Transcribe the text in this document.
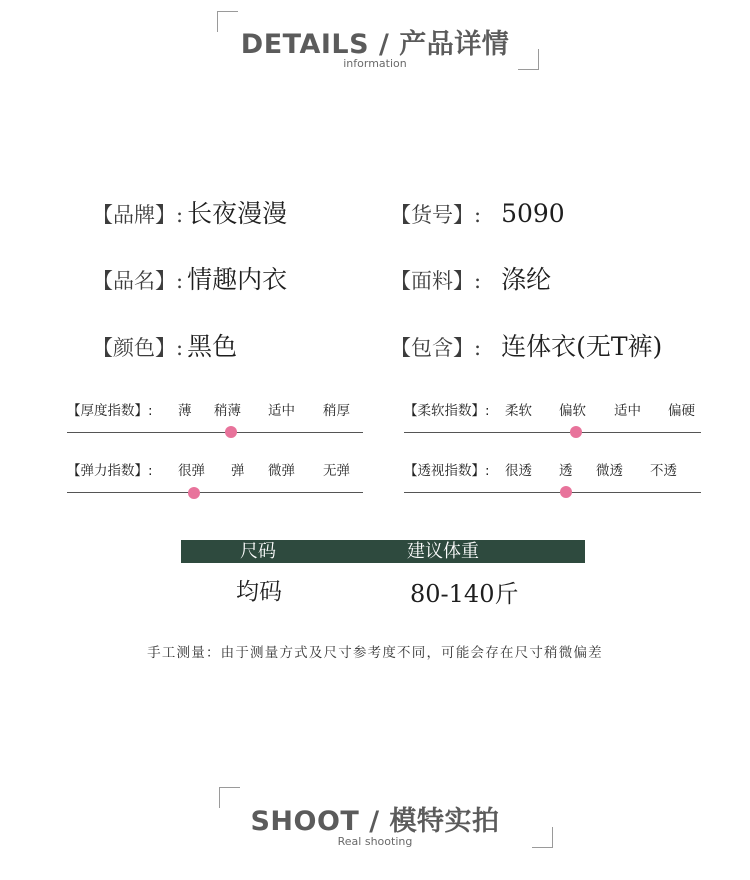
DETAILS / 产品详情
information
【品牌】: 长夜漫漫	【货号】: 5090
【品名】: 情趣内衣	【面料】: 涤纶
【颜色】: 黑色	【包含】: 连体衣(无T裤)
【厚度指数】: 薄 稍薄 适中 稍厚	【柔软指数】: 柔软 偏软 适中 偏硬
【弹力指数】: 很弹 弹 微弹 无弹	【透视指数】: 很透 透 微透 不透
尺码	建议体重
均码	80-140斤
手工测量：由于测量方式及尺寸参考度不同，可能会存在尺寸稍微偏差
SHOOT / 模特实拍
Real shooting
